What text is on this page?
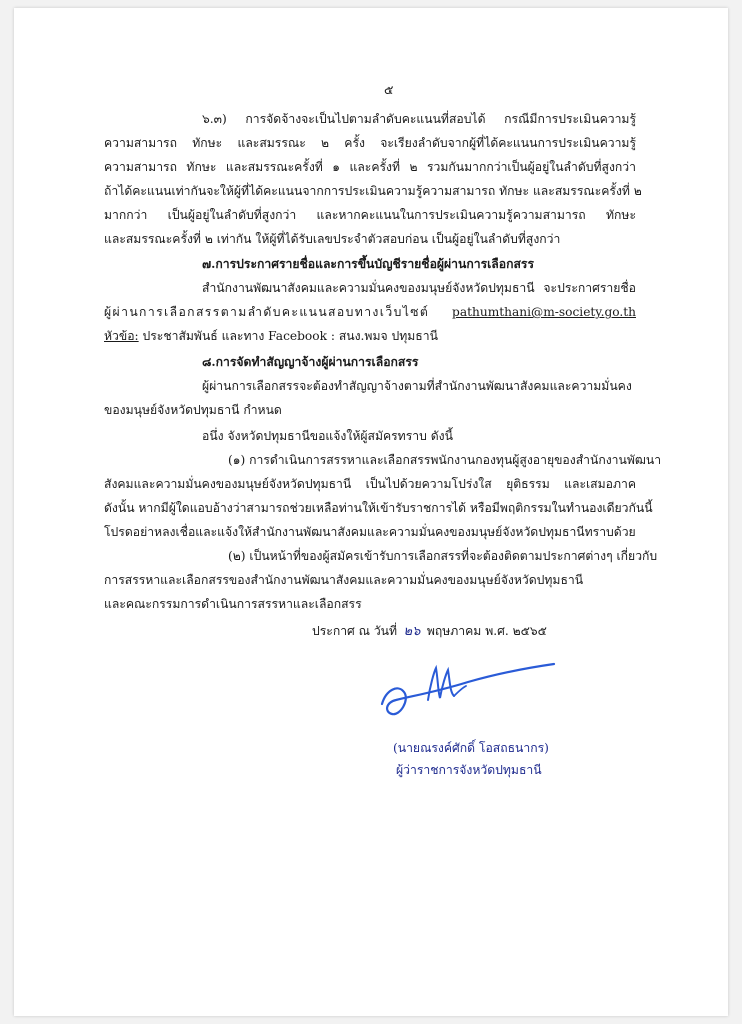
๕
๖.๓) การจัดจ้างจะเป็นไปตามลำดับคะแนนที่สอบได้ กรณีมีการประเมินความรู้
ความสามารถ ทักษะ และสมรรณะ ๒ ครั้ง จะเรียงลำดับจากผู้ที่ได้คะแนนการประเมินความรู้
ความสามารถ ทักษะ และสมรรณะครั้งที่ ๑ และครั้งที่ ๒ รวมกันมากกว่าเป็นผู้อยู่ในลำดับที่สูงกว่า
ถ้าได้คะแนนเท่ากันจะให้ผู้ที่ได้คะแนนจากการประเมินความรู้ความสามารถ ทักษะ และสมรรณะครั้งที่ ๒
มากกว่า เป็นผู้อยู่ในลำดับที่สูงกว่า และหากคะแนนในการประเมินความรู้ความสามารถ ทักษะ
และสมรรณะครั้งที่ ๒ เท่ากัน ให้ผู้ที่ได้รับเลขประจำตัวสอบก่อน เป็นผู้อยู่ในลำดับที่สูงกว่า
๗.การประกาศรายชื่อและการขึ้นบัญชีรายชื่อผู้ผ่านการเลือกสรร
สำนักงานพัฒนาสังคมและความมั่นคงของมนุษย์จังหวัดปทุมธานี จะประกาศรายชื่อ
ผู้ผ่านการเลือกสรรตามลำดับคะแนนสอบทางเว็บไซต์ pathumthani@m-society.go.th
หัวข้อ: ประชาสัมพันธ์ และทาง Facebook : สนง.พมจ ปทุมธานี
๘.การจัดทำสัญญาจ้างผู้ผ่านการเลือกสรร
ผู้ผ่านการเลือกสรรจะต้องทำสัญญาจ้างตามที่สำนักงานพัฒนาสังคมและความมั่นคง
ของมนุษย์จังหวัดปทุมธานี กำหนด
อนึ่ง จังหวัดปทุมธานีขอแจ้งให้ผู้สมัครทราบ ดังนี้
(๑) การดำเนินการสรรหาและเลือกสรรพนักงานกองทุนผู้สูงอายุของสำนักงานพัฒนา
สังคมและความมั่นคงของมนุษย์จังหวัดปทุมธานี เป็นไปด้วยความโปร่งใส ยุติธรรม และเสมอภาค
ดังนั้น หากมีผู้ใดแอบอ้างว่าสามารถช่วยเหลือท่านให้เข้ารับราชการได้ หรือมีพฤติกรรมในทำนองเดียวกันนี้
โปรดอย่าหลงเชื่อและแจ้งให้สำนักงานพัฒนาสังคมและความมั่นคงของมนุษย์จังหวัดปทุมธานีทราบด้วย
(๒) เป็นหน้าที่ของผู้สมัครเข้ารับการเลือกสรรที่จะต้องติดตามประกาศต่างๆ เกี่ยวกับ
การสรรหาและเลือกสรรของสำนักงานพัฒนาสังคมและความมั่นคงของมนุษย์จังหวัดปทุมธานี
และคณะกรรมการดำเนินการสรรหาและเลือกสรร
ประกาศ ณ วันที่ ๒๖ พฤษภาคม พ.ศ. ๒๕๖๕
(นายณรงค์ศักดิ์ โอสถธนากร)
ผู้ว่าราชการจังหวัดปทุมธานี
